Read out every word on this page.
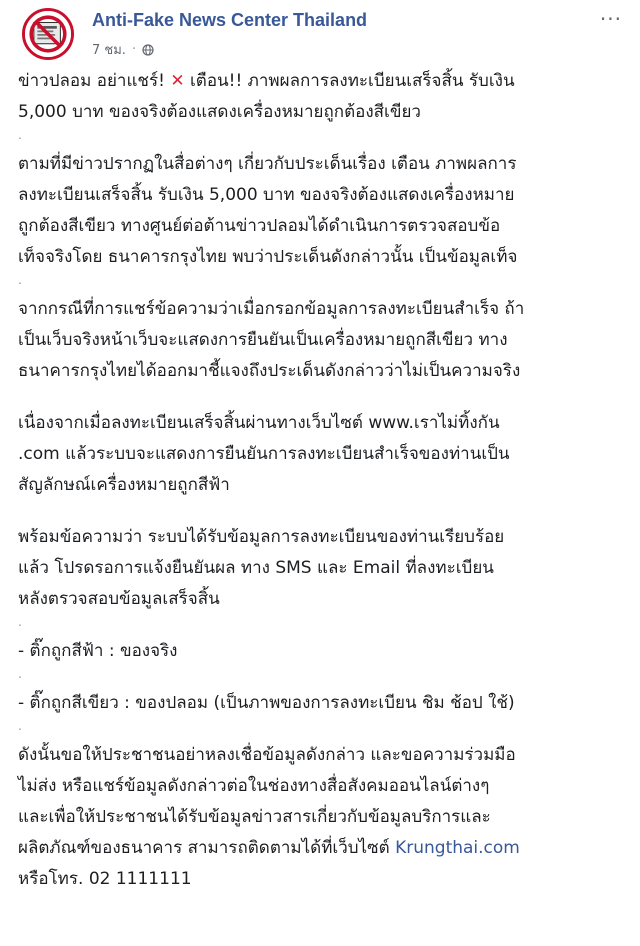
Anti-Fake News Center Thailand
7 ชม. ·
···
ข่าวปลอม อย่าแชร์! ✕ เตือน!! ภาพผลการลงทะเบียนเสร็จสิ้น รับเงิน
5,000 บาท ของจริงต้องแสดงเครื่องหมายถูกต้องสีเขียว
.
ตามที่มีข่าวปรากฏในสื่อต่างๆ เกี่ยวกับประเด็นเรื่อง เตือน ภาพผลการ
ลงทะเบียนเสร็จสิ้น รับเงิน 5,000 บาท ของจริงต้องแสดงเครื่องหมาย
ถูกต้องสีเขียว ทางศูนย์ต่อต้านข่าวปลอมได้ดำเนินการตรวจสอบข้อ
เท็จจริงโดย ธนาคารกรุงไทย พบว่าประเด็นดังกล่าวนั้น เป็นข้อมูลเท็จ
.
จากกรณีที่การแชร์ข้อความว่าเมื่อกรอกข้อมูลการลงทะเบียนสำเร็จ ถ้า
เป็นเว็บจริงหน้าเว็บจะแสดงการยืนยันเป็นเครื่องหมายถูกสีเขียว ทาง
ธนาคารกรุงไทยได้ออกมาชี้แจงถึงประเด็นดังกล่าวว่าไม่เป็นความจริง
เนื่องจากเมื่อลงทะเบียนเสร็จสิ้นผ่านทางเว็บไซต์ www.เราไม่ทิ้งกัน
.com แล้วระบบจะแสดงการยืนยันการลงทะเบียนสำเร็จของท่านเป็น
สัญลักษณ์เครื่องหมายถูกสีฟ้า
พร้อมข้อความว่า ระบบได้รับข้อมูลการลงทะเบียนของท่านเรียบร้อย
แล้ว โปรดรอการแจ้งยืนยันผล ทาง SMS และ Email ที่ลงทะเบียน
หลังตรวจสอบข้อมูลเสร็จสิ้น
.
- ติ๊กถูกสีฟ้า : ของจริง
.
- ติ๊กถูกสีเขียว : ของปลอม (เป็นภาพของการลงทะเบียน ชิม ช้อป ใช้)
.
ดังนั้นขอให้ประชาชนอย่าหลงเชื่อข้อมูลดังกล่าว และขอความร่วมมือ
ไม่ส่ง หรือแชร์ข้อมูลดังกล่าวต่อในช่องทางสื่อสังคมออนไลน์ต่างๆ
และเพื่อให้ประชาชนได้รับข้อมูลข่าวสารเกี่ยวกับข้อมูลบริการและ
ผลิตภัณฑ์ของธนาคาร สามารถติดตามได้ที่เว็บไซต์ Krungthai.com
หรือโทร. 02 1111111
